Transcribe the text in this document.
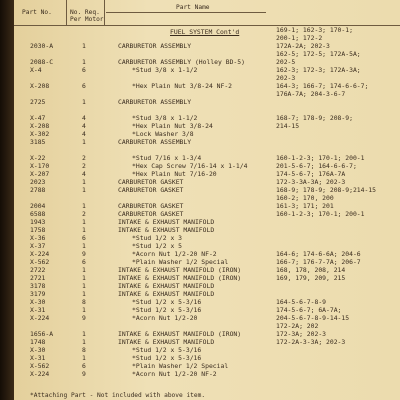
Part No.	No. Req.
Per Motor
Part Name
FUEL SYSTEM Cont'd	169-1; 162-3; 170-1;
200-1; 172-2
2030-A	1	CARBURETOR ASSEMBLY	172A-2A; 202-3
162-5; 172-5; 172A-5A;
2088-C	1	CARBURETOR ASSEMBLY (Holley BD-5)	202-5
X-4	6	*Stud 3/8 x 1-1/2	162-3; 172-3; 172A-3A;
202-3
X-208	6	*Hex Plain Nut 3/8-24 NF-2	164-3; 166-7; 174-6-6-7;
176A-7A; 204-3-6-7
2725	1	CARBURETOR ASSEMBLY
X-47	4	*Stud 3/8 x 1-1/2	168-7; 178-9; 208-9;
X-208	4	*Hex Plain Nut 3/8-24	214-15
X-302	4	*Lock Washer 3/8
3185	1	CARBURETOR ASSEMBLY
X-22	2	*Stud 7/16 x 1-3/4	160-1-2-3; 170-1; 200-1
X-170	2	*Hex Cap Screw 7/16-14 x 1-1/4	201-5-6-7; 164-6-6-7;
X-207	4	*Hex Plain Nut 7/16-20	174-5-6-7; 176A-7A
2023	1	CARBURETOR GASKET	172-3-3A-3A; 202-3
2788	1	CARBURETOR GASKET	168-9; 178-9; 208-9;214-15
160-2; 170, 200
2004	1	CARBURETOR GASKET	161-3; 171; 201
6588	2	CARBURETOR GASKET	160-1-2-3; 170-1; 200-1
1943	1	INTAKE & EXHAUST MANIFOLD
1758	1	INTAKE & EXHAUST MANIFOLD
X-36	6	*Stud 1/2 x 3
X-37	1	*Stud 1/2 x 5
X-224	9	*Acorn Nut 1/2-20 NF-2	164-6; 174-6-6A; 204-6
X-562	6	*Plain Washer 1/2 Special	166-7; 176-7-7A; 206-7
2722	1	INTAKE & EXHAUST MANIFOLD (IRON)	168, 178, 208, 214
2721	1	INTAKE & EXHAUST MANIFOLD (IRON)	169, 179, 209, 215
3178	1	INTAKE & EXHAUST MANIFOLD
3179	1	INTAKE & EXHAUST MANIFOLD
X-30	8	*Stud 1/2 x 5-3/16	164-5-6-7-8-9
X-31	1	*Stud 1/2 x 5-3/16	174-5-6-7; 6A-7A;
X-224	9	*Acorn Nut 1/2-20	204-5-6-7-8-9-14-15
172-2A; 202
1656-A	1	INTAKE & EXHAUST MANIFOLD (IRON)	172-3A; 202-3
1748	1	INTAKE & EXHAUST MANIFOLD	172-2A-3-3A; 202-3
X-30	8	*Stud 1/2 x 5-3/16
X-31	1	*Stud 1/2 x 5-3/16
X-562	6	*Plain Washer 1/2 Special
X-224	9	*Acorn Nut 1/2-20 NF-2
*Attaching Part - Not included with above item.
